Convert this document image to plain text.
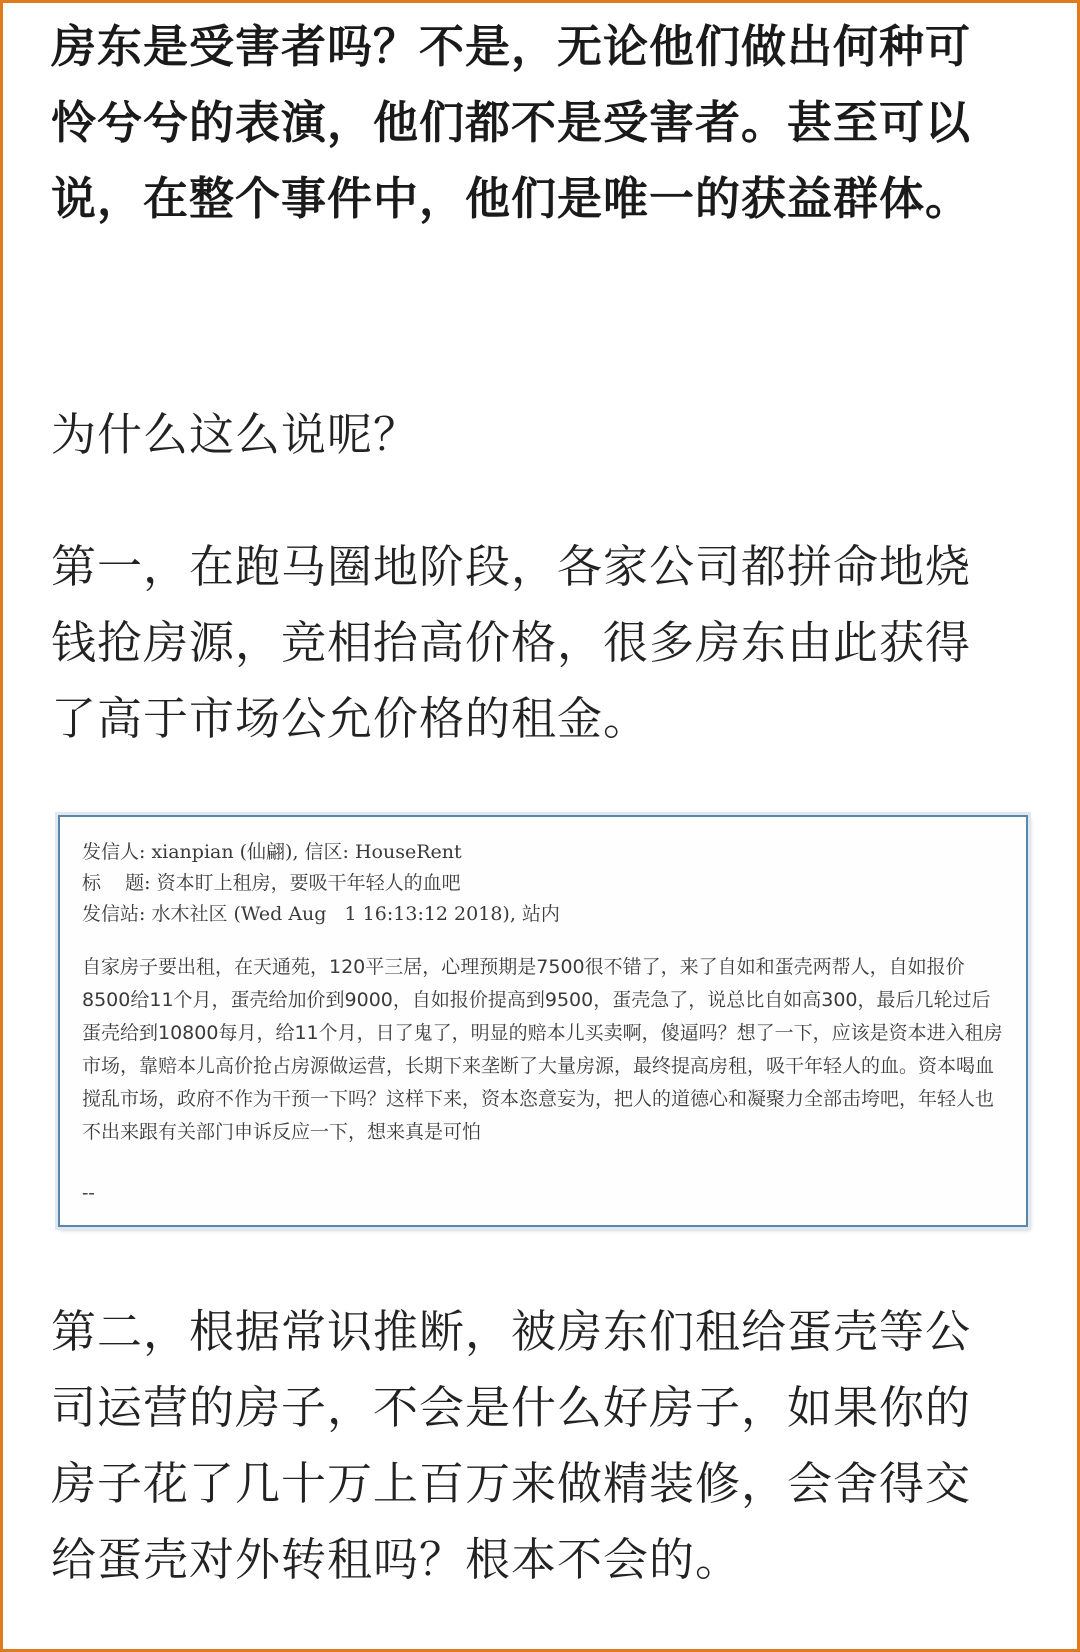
房东是受害者吗？不是，无论他们做出何种可怜兮兮的表演，他们都不是受害者。甚至可以说，在整个事件中，他们是唯一的获益群体。

为什么这么说呢？

第一，在跑马圈地阶段，各家公司都拼命地烧钱抢房源，竞相抬高价格，很多房东由此获得了高于市场公允价格的租金。

第二，根据常识推断，被房东们租给蛋壳等公司运营的房子，不会是什么好房子，如果你的房子花了几十万上百万来做精装修，会舍得交给蛋壳对外转租吗？根本不会的。

发信人: xianpian (仙翩), 信区: HouseRent
标    题: 资本盯上租房，要吸干年轻人的血吧
发信站: 水木社区 (Wed Aug   1 16:13:12 2018), 站内
自家房子要出租，在天通苑，120平三居，心理预期是7500很不错了，来了自如和蛋壳两帮人，自如报价8500给11个月，蛋壳给加价到9000，自如报价提高到9500，蛋壳急了，说总比自如高300，最后几轮过后蛋壳给到10800每月，给11个月，日了鬼了，明显的赔本儿买卖啊，傻逼吗？想了一下，应该是资本进入租房市场，靠赔本儿高价抢占房源做运营，长期下来垄断了大量房源，最终提高房租，吸干年轻人的血。资本喝血搅乱市场，政府不作为干预一下吗？这样下来，资本恣意妄为，把人的道德心和凝聚力全部击垮吧，年轻人也不出来跟有关部门申诉反应一下，想来真是可怕
--
